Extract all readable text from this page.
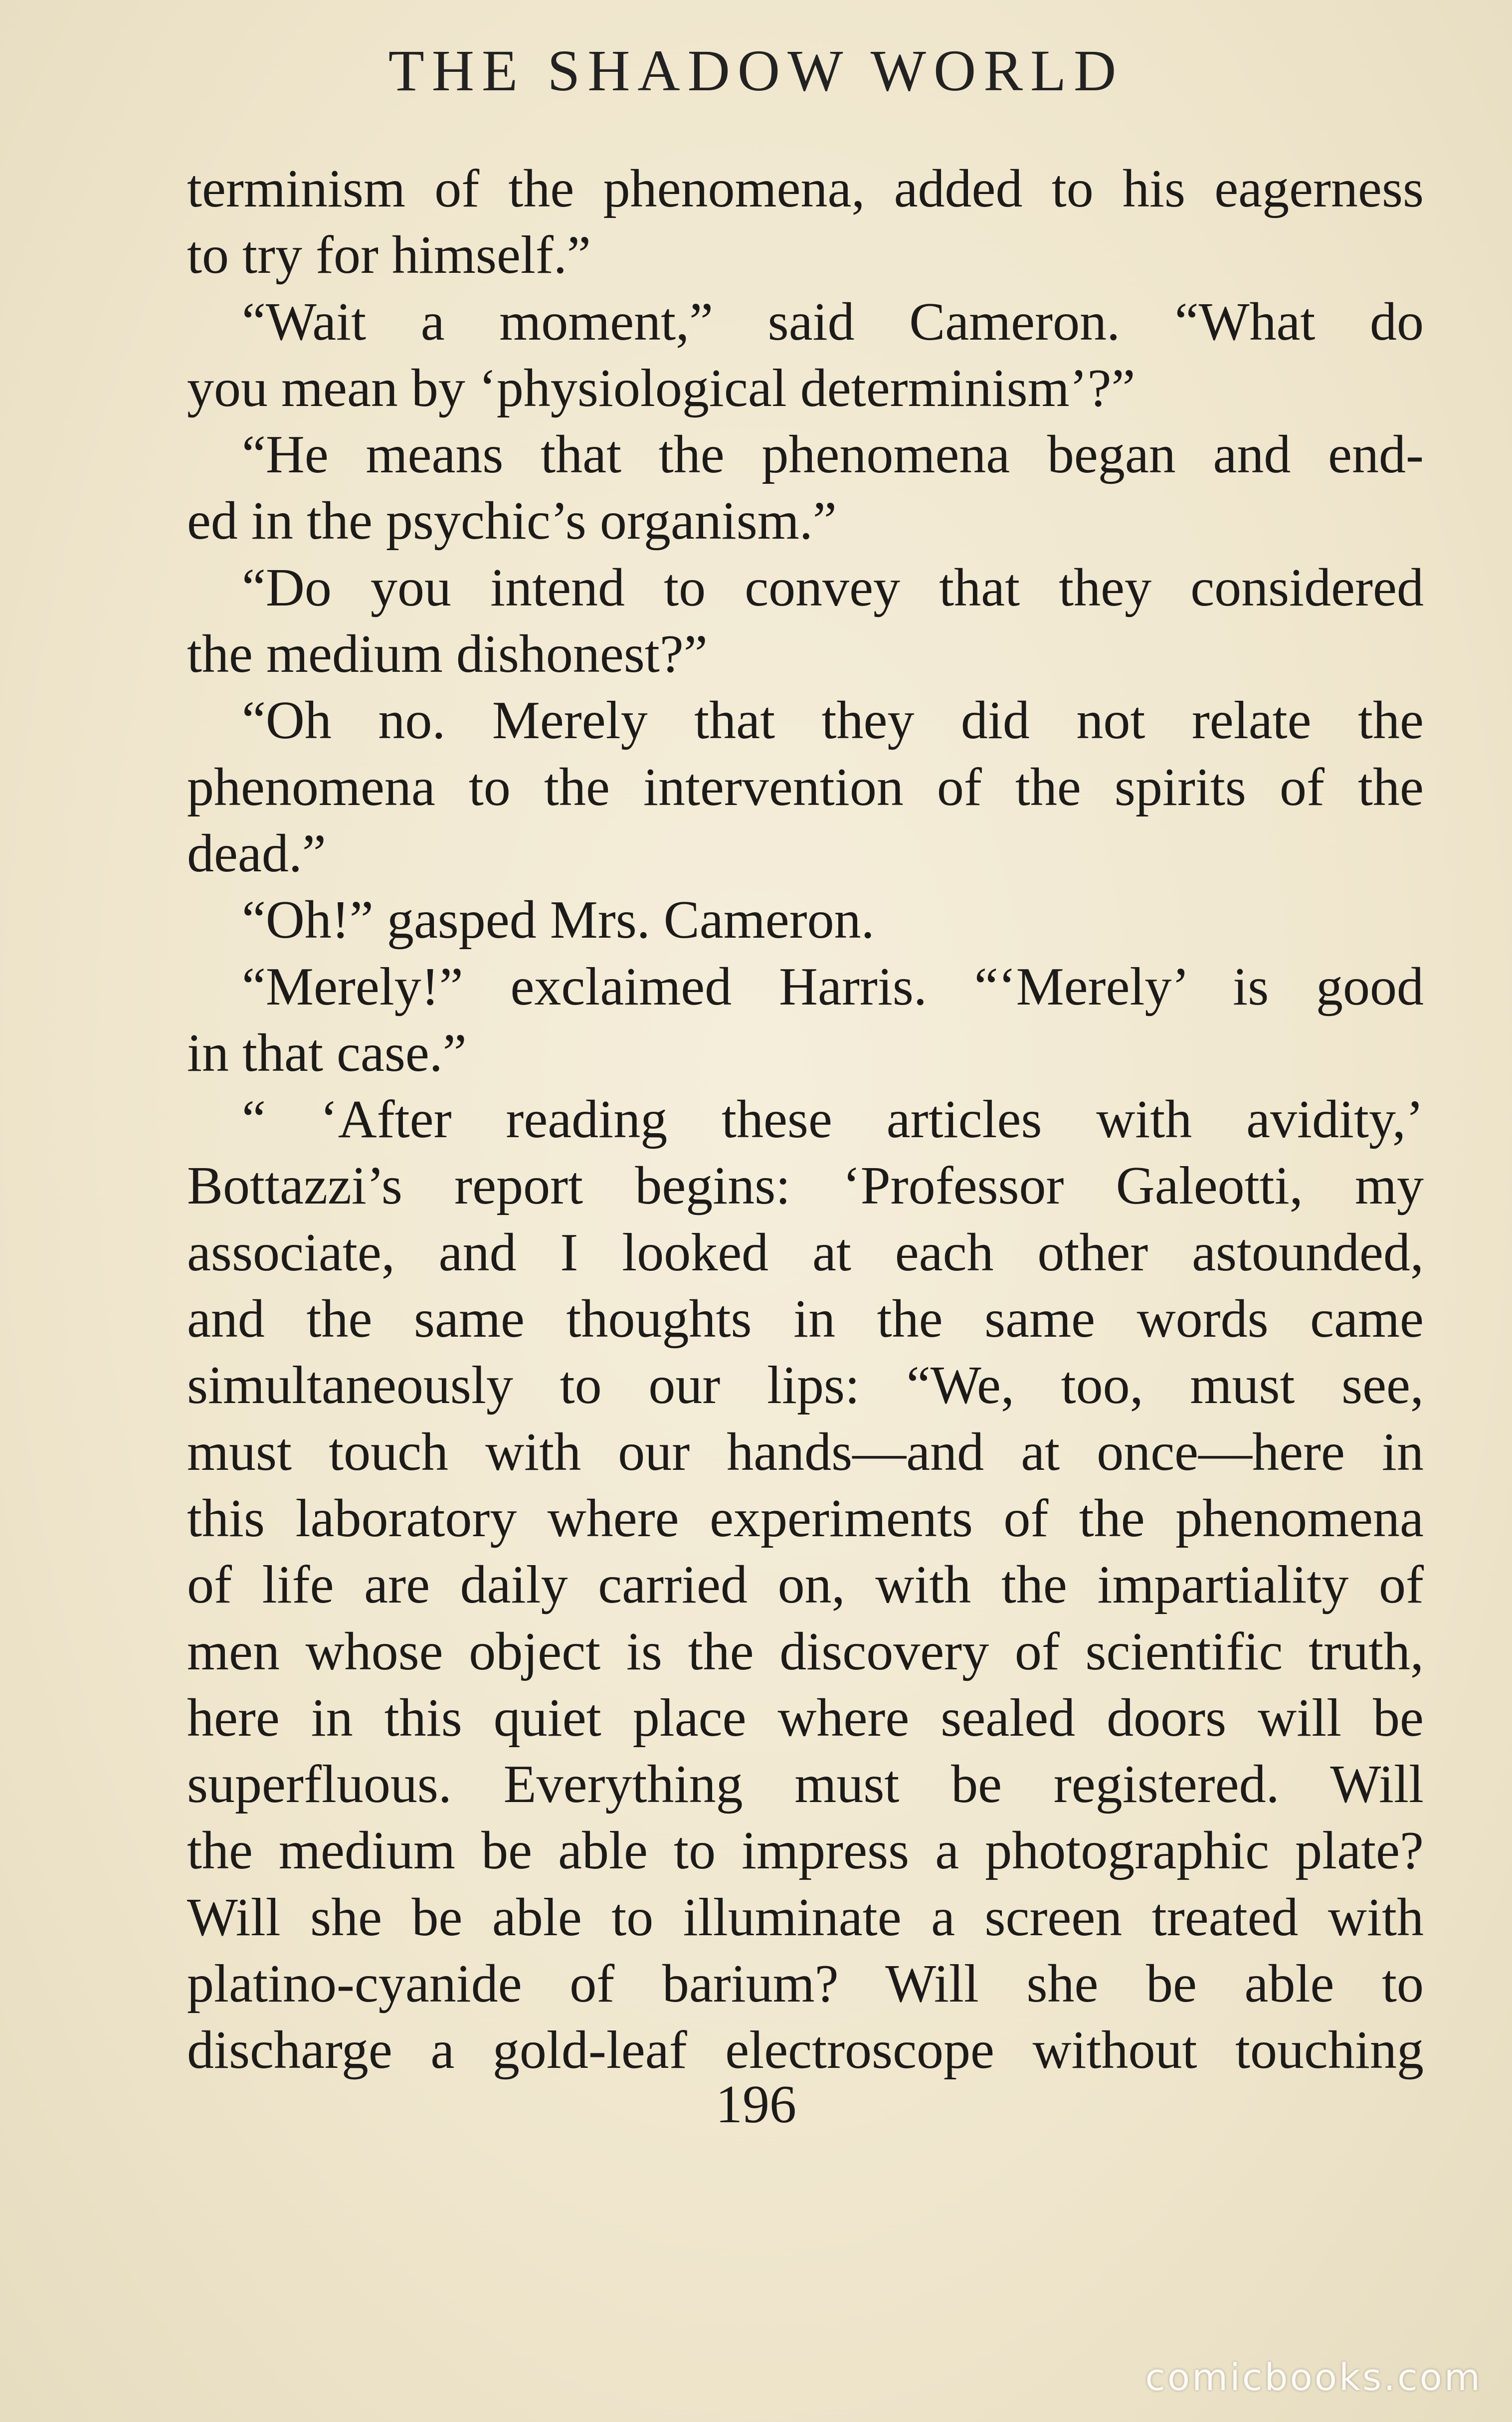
THE SHADOW WORLD
terminism of the phenomena, added to his eagerness
to try for himself.”
“Wait a moment,” said Cameron. “What do
you mean by ‘physiological determinism’?”
“He means that the phenomena began and end-
ed in the psychic’s organism.”
“Do you intend to convey that they considered
the medium dishonest?”
“Oh no. Merely that they did not relate the
phenomena to the intervention of the spirits of the
dead.”
“Oh!” gasped Mrs. Cameron.
“Merely!” exclaimed Harris. “‘Merely’ is good
in that case.”
“ ‘After reading these articles with avidity,’
Bottazzi’s report begins: ‘Professor Galeotti, my
associate, and I looked at each other astounded,
and the same thoughts in the same words came
simultaneously to our lips: “We, too, must see,
must touch with our hands—and at once—here in
this laboratory where experiments of the phenomena
of life are daily carried on, with the impartiality of
men whose object is the discovery of scientific truth,
here in this quiet place where sealed doors will be
superfluous. Everything must be registered. Will
the medium be able to impress a photographic plate?
Will she be able to illuminate a screen treated with
platino-cyanide of barium? Will she be able to
discharge a gold-leaf electroscope without touching
196
comicbooks.com
